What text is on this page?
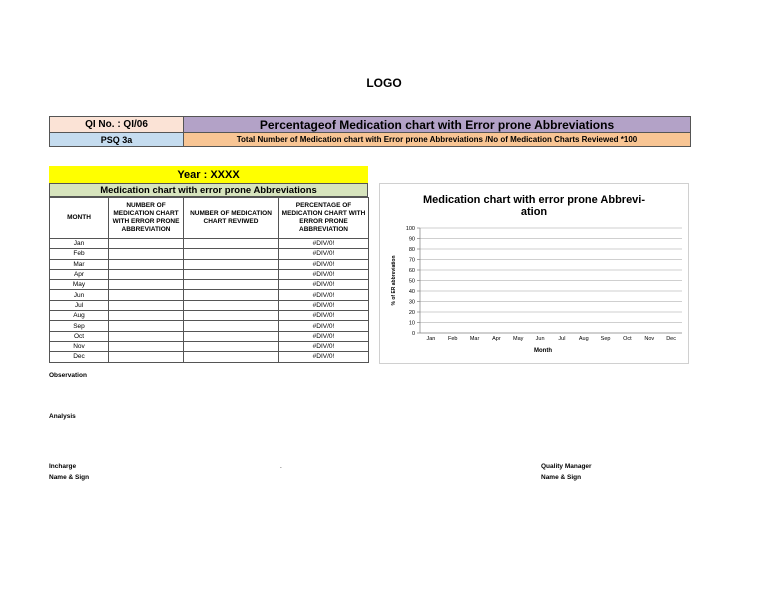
LOGO
QI No. : QI/06	Percentageof Medication chart with Error prone Abbreviations
PSQ 3a	Total Number of Medication chart with Error prone Abbreviations /No of Medication Charts Reviewed *100
Year : XXXX
Medication chart with error prone Abbreviations
MONTH	NUMBER OF MEDICATION CHART WITH ERROR PRONE ABBREVIATION	NUMBER OF MEDICATION CHART REVIWED	PERCENTAGE OF MEDICATION CHART WITH ERROR PRONE ABBREVIATION
Jan			#DIV/0!
Feb			#DIV/0!
Mar			#DIV/0!
Apr			#DIV/0!
May			#DIV/0!
Jun			#DIV/0!
Jul			#DIV/0!
Aug			#DIV/0!
Sep			#DIV/0!
Oct			#DIV/0!
Nov			#DIV/0!
Dec			#DIV/0!
Medication chart with error prone Abbrevi-
ation
0
10
20
30
40
50
60
70
80
90
100
Jan Feb Mar Apr May Jun	Jul Aug Sep Oct Nov Dec
Month
% of ER abbreviation
Observation
Analysis
Incharge
Name & Sign
.	Quality Manager
Name & Sign
